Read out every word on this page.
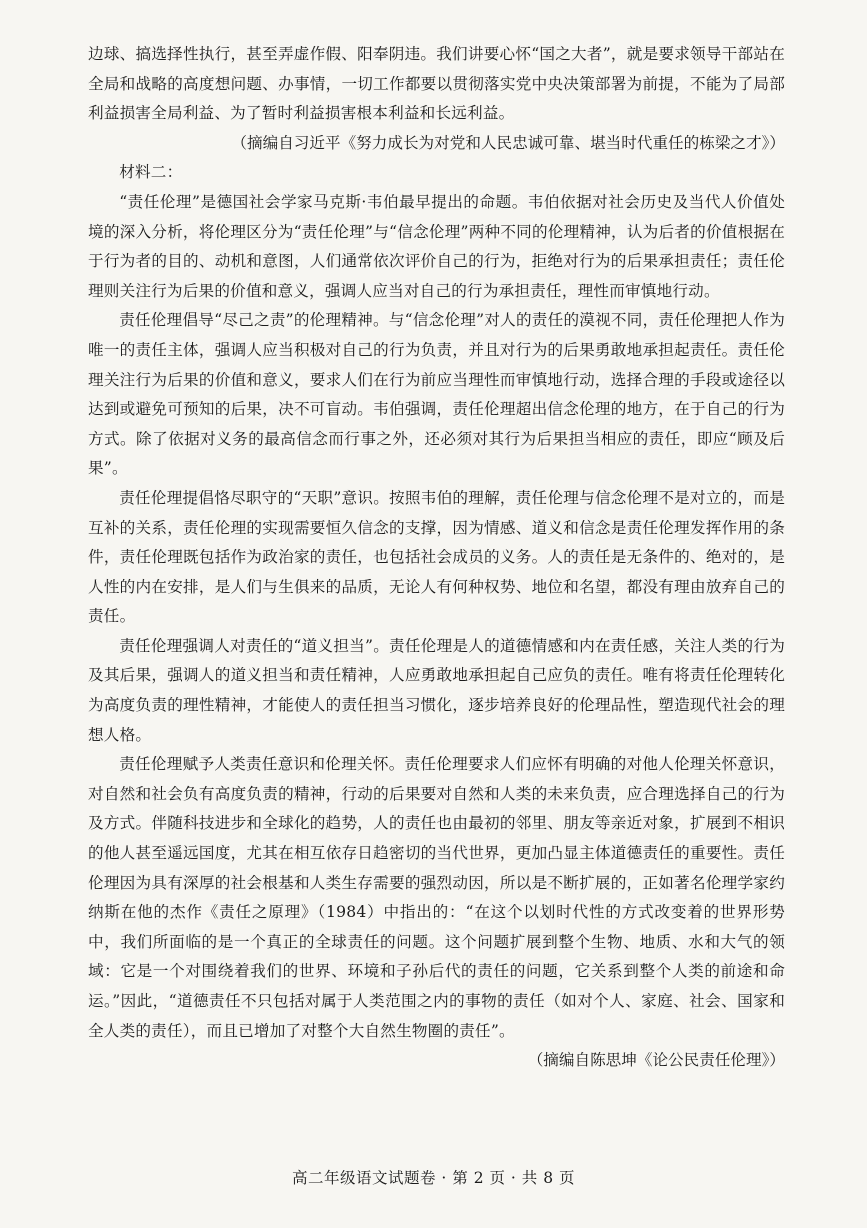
边球、搞选择性执行，甚至弄虚作假、阳奉阴违。我们讲要心怀“国之大者”，就是要求领导干部站在全局和战略的高度想问题、办事情，一切工作都要以贯彻落实党中央决策部署为前提，不能为了局部利益损害全局利益、为了暂时利益损害根本利益和长远利益。

（摘编自习近平《努力成长为对党和人民忠诚可靠、堪当时代重任的栋梁之才》）

材料二：

“责任伦理”是德国社会学家马克斯·韦伯最早提出的命题。韦伯依据对社会历史及当代人价值处境的深入分析，将伦理区分为“责任伦理”与“信念伦理”两种不同的伦理精神，认为后者的价值根据在于行为者的目的、动机和意图，人们通常依次评价自己的行为，拒绝对行为的后果承担责任；责任伦理则关注行为后果的价值和意义，强调人应当对自己的行为承担责任，理性而审慎地行动。

责任伦理倡导“尽己之责”的伦理精神。与“信念伦理”对人的责任的漠视不同，责任伦理把人作为唯一的责任主体，强调人应当积极对自己的行为负责，并且对行为的后果勇敢地承担起责任。责任伦理关注行为后果的价值和意义，要求人们在行为前应当理性而审慎地行动，选择合理的手段或途径以达到或避免可预知的后果，决不可盲动。韦伯强调，责任伦理超出信念伦理的地方，在于自己的行为方式。除了依据对义务的最高信念而行事之外，还必须对其行为后果担当相应的责任，即应“顾及后果”。

责任伦理提倡恪尽职守的“天职”意识。按照韦伯的理解，责任伦理与信念伦理不是对立的，而是互补的关系，责任伦理的实现需要恒久信念的支撑，因为情感、道义和信念是责任伦理发挥作用的条件，责任伦理既包括作为政治家的责任，也包括社会成员的义务。人的责任是无条件的、绝对的，是人性的内在安排，是人们与生俱来的品质，无论人有何种权势、地位和名望，都没有理由放弃自己的责任。

责任伦理强调人对责任的“道义担当”。责任伦理是人的道德情感和内在责任感，关注人类的行为及其后果，强调人的道义担当和责任精神，人应勇敢地承担起自己应负的责任。唯有将责任伦理转化为高度负责的理性精神，才能使人的责任担当习惯化，逐步培养良好的伦理品性，塑造现代社会的理想人格。

责任伦理赋予人类责任意识和伦理关怀。责任伦理要求人们应怀有明确的对他人伦理关怀意识，对自然和社会负有高度负责的精神，行动的后果要对自然和人类的未来负责，应合理选择自己的行为及方式。伴随科技进步和全球化的趋势，人的责任也由最初的邻里、朋友等亲近对象，扩展到不相识的他人甚至遥远国度，尤其在相互依存日趋密切的当代世界，更加凸显主体道德责任的重要性。责任伦理因为具有深厚的社会根基和人类生存需要的强烈动因，所以是不断扩展的，正如著名伦理学家约纳斯在他的杰作《责任之原理》（1984）中指出的：“在这个以划时代性的方式改变着的世界形势中，我们所面临的是一个真正的全球责任的问题。这个问题扩展到整个生物、地质、水和大气的领域：它是一个对围绕着我们的世界、环境和子孙后代的责任的问题，它关系到整个人类的前途和命运。”因此，“道德责任不只包括对属于人类范围之内的事物的责任（如对个人、家庭、社会、国家和全人类的责任），而且已增加了对整个大自然生物圈的责任”。

（摘编自陈思坤《论公民责任伦理》）

高二年级语文试题卷 · 第 2 页 · 共 8 页
